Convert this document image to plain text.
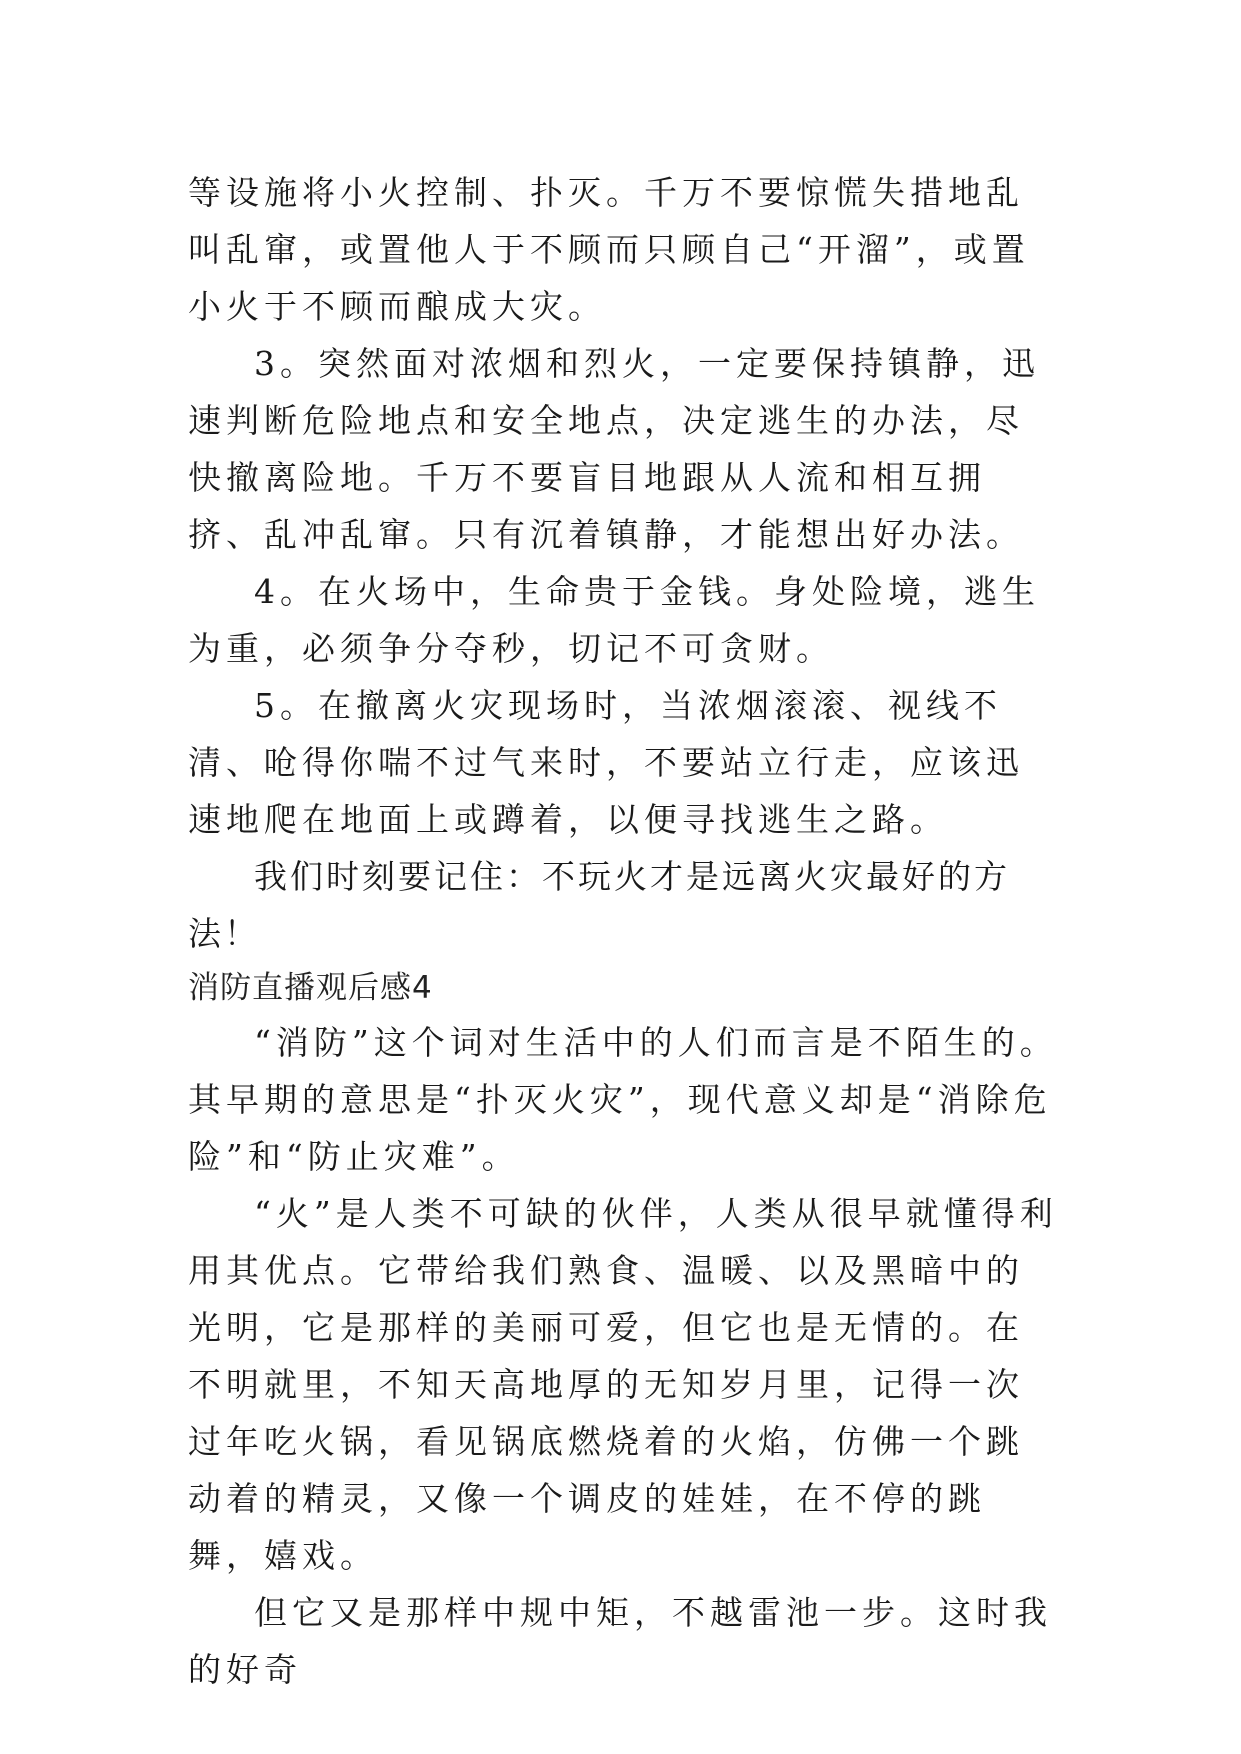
等设施将小火控制、扑灭。千万不要惊慌失措地乱叫乱窜，或置他人于不顾而只顾自己“开溜”，或置小火于不顾而酿成大灾。

3。突然面对浓烟和烈火，一定要保持镇静，迅速判断危险地点和安全地点，决定逃生的办法，尽快撤离险地。千万不要盲目地跟从人流和相互拥挤、乱冲乱窜。只有沉着镇静，才能想出好办法。

4。在火场中，生命贵于金钱。身处险境，逃生为重，必须争分夺秒，切记不可贪财。

5。在撤离火灾现场时，当浓烟滚滚、视线不清、呛得你喘不过气来时，不要站立行走，应该迅速地爬在地面上或蹲着，以便寻找逃生之路。

我们时刻要记住：不玩火才是远离火灾最好的方法！

消防直播观后感4

“消防”这个词对生活中的人们而言是不陌生的。其早期的意思是“扑灭火灾”，现代意义却是“消除危险”和“防止灾难”。

“火”是人类不可缺的伙伴，人类从很早就懂得利用其优点。它带给我们熟食、温暖、以及黑暗中的光明，它是那样的美丽可爱，但它也是无情的。在不明就里，不知天高地厚的无知岁月里，记得一次过年吃火锅，看见锅底燃烧着的火焰，仿佛一个跳动着的精灵，又像一个调皮的娃娃，在不停的跳舞，嬉戏。

但它又是那样中规中矩，不越雷池一步。这时我的好奇
